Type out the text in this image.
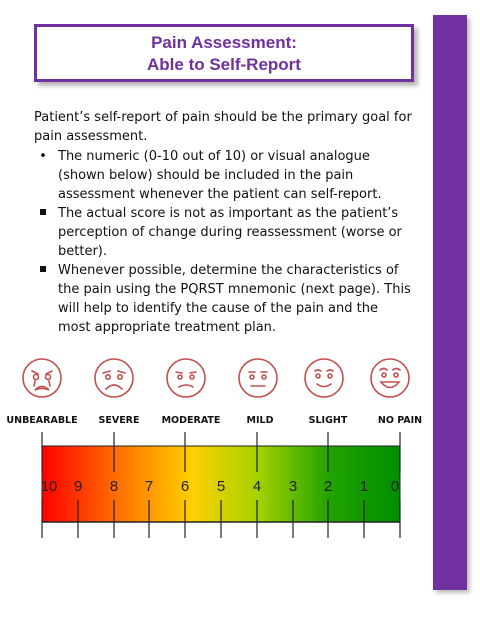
Pain Assessment:
Able to Self-Report

Patient’s self-report of pain should be the primary goal for pain assessment.

• The numeric (0-10 out of 10) or visual analogue (shown below) should be included in the pain assessment whenever the patient can self-report.
The actual score is not as important as the patient’s perception of change during reassessment (worse or better).
Whenever possible, determine the characteristics of the pain using the PQRST mnemonic (next page). This will help to identify the cause of the pain and the most appropriate treatment plan.
UNBEARABLE SEVERE MODERATE	MILD	SLIGHT	NO PAIN
10 9 8 7 6 5 4 3 2 1 0
